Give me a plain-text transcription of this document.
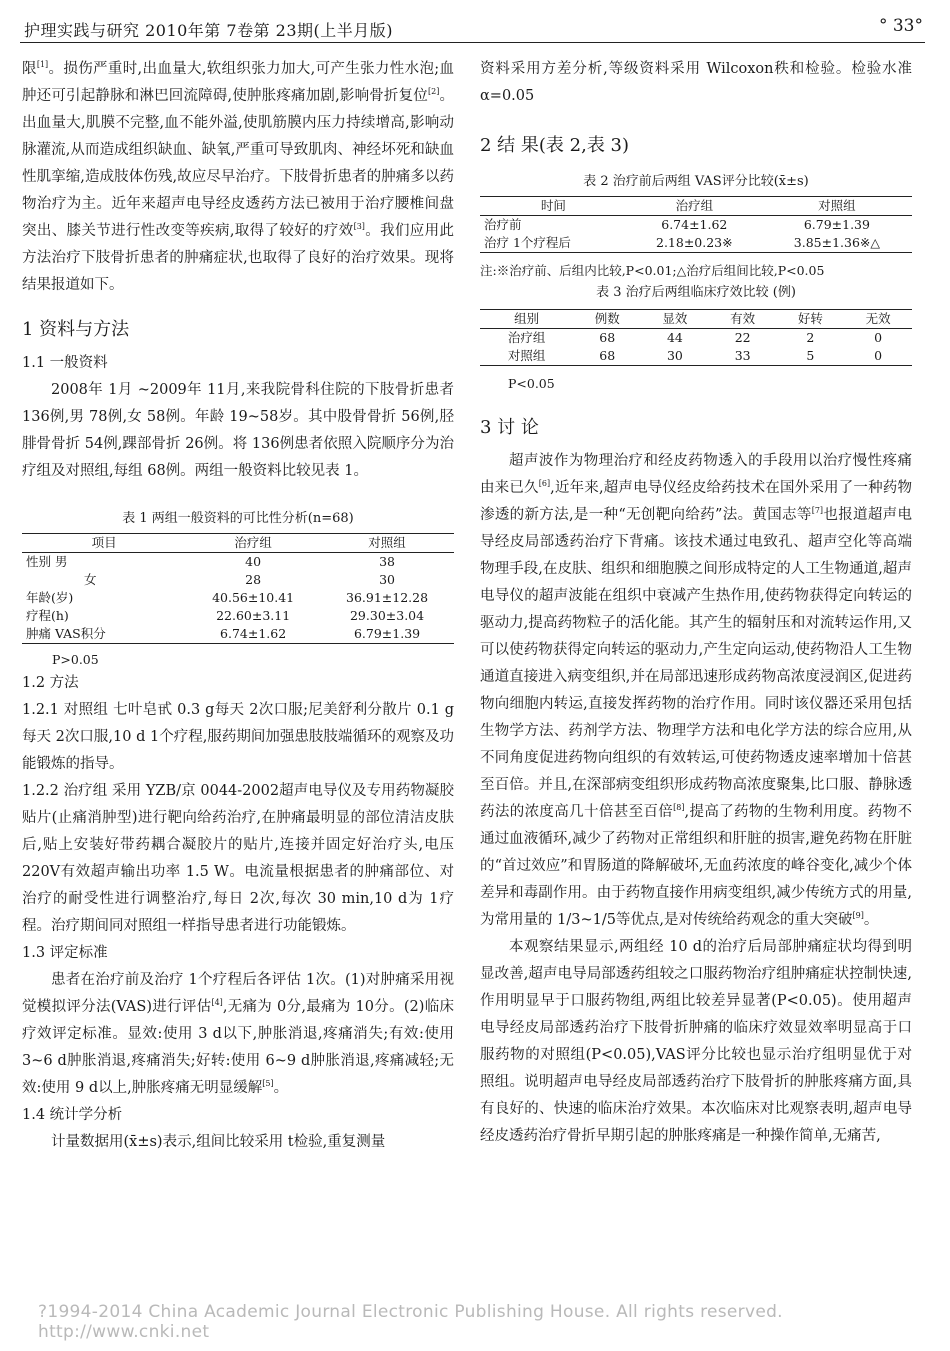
护理实践与研究 2010年第 7卷第 23期(上半月版)	° 33°

限[1]。损伤严重时,出血量大,软组织张力加大,可产生张力性水泡;血肿还可引起静脉和淋巴回流障碍,使肿胀疼痛加剧,影响骨折复位[2]。出血量大,肌膜不完整,血不能外溢,使肌筋膜内压力持续增高,影响动脉灌流,从而造成组织缺血、缺氧,严重可导致肌肉、神经坏死和缺血性肌挛缩,造成肢体伤残,故应尽早治疗。下肢骨折患者的肿痛多以药物治疗为主。近年来超声电导经皮透药方法已被用于治疗腰椎间盘突出、膝关节进行性改变等疾病,取得了较好的疗效[3]。我们应用此方法治疗下肢骨折患者的肿痛症状,也取得了良好的治疗效果。现将结果报道如下。

1 资料与方法
1.1 一般资料

2008年 1月 ~2009年 11月,来我院骨科住院的下肢骨折患者 136例,男 78例,女 58例。年龄 19~58岁。其中股骨骨折 56例,胫腓骨骨折 54例,踝部骨折 26例。将 136例患者依照入院顺序分为治疗组及对照组,每组 68例。两组一般资料比较见表 1。

表 1 两组一般资料的可比性分析(n=68)
项目	治疗组	对照组
性别 男	40	38
女	28	30
年龄(岁)	40.56±10.41	36.91±12.28
疗程(h)	22.60±3.11	29.30±3.04
肿痛 VAS积分	6.74±1.62	6.79±1.39
P>0.05
1.2 方法

1.2.1 对照组 七叶皂甙 0.3 g每天 2次口服;尼美舒利分散片 0.1 g每天 2次口服,10 d 1个疗程,服药期间加强患肢肢端循环的观察及功能锻炼的指导。

1.2.2 治疗组 采用 YZB/京 0044-2002超声电导仪及专用药物凝胶贴片(止痛消肿型)进行靶向给药治疗,在肿痛最明显的部位清洁皮肤后,贴上安装好带药耦合凝胶片的贴片,连接并固定好治疗头,电压 220V有效超声输出功率 1.5 W。电流量根据患者的肿痛部位、对治疗的耐受性进行调整治疗,每日 2次,每次 30 min,10 d为 1疗程。治疗期间同对照组一样指导患者进行功能锻炼。

1.3 评定标准

患者在治疗前及治疗 1个疗程后各评估 1次。(1)对肿痛采用视觉模拟评分法(VAS)进行评估[4],无痛为 0分,最痛为 10分。(2)临床疗效评定标准。显效:使用 3 d以下,肿胀消退,疼痛消失;有效:使用 3~6 d肿胀消退,疼痛消失;好转:使用 6~9 d肿胀消退,疼痛减轻;无效:使用 9 d以上,肿胀疼痛无明显缓解[5]。

1.4 统计学分析

计量数据用(x̄±s)表示,组间比较采用 t检验,重复测量

资料采用方差分析,等级资料采用 Wilcoxon秩和检验。检验水准 α=0.05

2 结 果(表 2,表 3)
表 2 治疗前后两组 VAS评分比较(x̄±s)
时间	治疗组	对照组
治疗前	6.74±1.62	6.79±1.39
治疗 1个疗程后	2.18±0.23※	3.85±1.36※△
注:※治疗前、后组内比较,P<0.01;△治疗后组间比较,P<0.05
表 3 治疗后两组临床疗效比较 (例)
组别	例数	显效	有效	好转	无效
治疗组	68	44	22	2	0
对照组	68	30	33	5	0
P<0.05
3 讨 论

超声波作为物理治疗和经皮药物透入的手段用以治疗慢性疼痛由来已久[6],近年来,超声电导仪经皮给药技术在国外采用了一种药物渗透的新方法,是一种“无创靶向给药”法。黄国志等[7]也报道超声电导经皮局部透药治疗下背痛。该技术通过电致孔、超声空化等高端物理手段,在皮肤、组织和细胞膜之间形成特定的人工生物通道,超声电导仪的超声波能在组织中衰减产生热作用,使药物获得定向转运的驱动力,提高药物粒子的活化能。其产生的辐射压和对流转运作用,又可以使药物获得定向转运的驱动力,产生定向运动,使药物沿人工生物通道直接进入病变组织,并在局部迅速形成药物高浓度浸润区,促进药物向细胞内转运,直接发挥药物的治疗作用。同时该仪器还采用包括生物学方法、药剂学方法、物理学方法和电化学方法的综合应用,从不同角度促进药物向组织的有效转运,可使药物透皮速率增加十倍甚至百倍。并且,在深部病变组织形成药物高浓度聚集,比口服、静脉透药法的浓度高几十倍甚至百倍[8],提高了药物的生物利用度。药物不通过血液循环,减少了药物对正常组织和肝脏的损害,避免药物在肝脏的“首过效应”和胃肠道的降解破坏,无血药浓度的峰谷变化,减少个体差异和毒副作用。由于药物直接作用病变组织,减少传统方式的用量,为常用量的 1/3~1/5等优点,是对传统给药观念的重大突破[9]。

本观察结果显示,两组经 10 d的治疗后局部肿痛症状均得到明显改善,超声电导局部透药组较之口服药物治疗组肿痛症状控制快速,作用明显早于口服药物组,两组比较差异显著(P<0.05)。使用超声电导经皮局部透药治疗下肢骨折肿痛的临床疗效显效率明显高于口服药物的对照组(P<0.05),VAS评分比较也显示治疗组明显优于对照组。说明超声电导经皮局部透药治疗下肢骨折的肿胀疼痛方面,具有良好的、快速的临床治疗效果。本次临床对比观察表明,超声电导经皮透药治疗骨折早期引起的肿胀疼痛是一种操作简单,无痛苦,

?1994-2014 China Academic Journal Electronic Publishing House. All rights reserved. http://www.cnki.net
